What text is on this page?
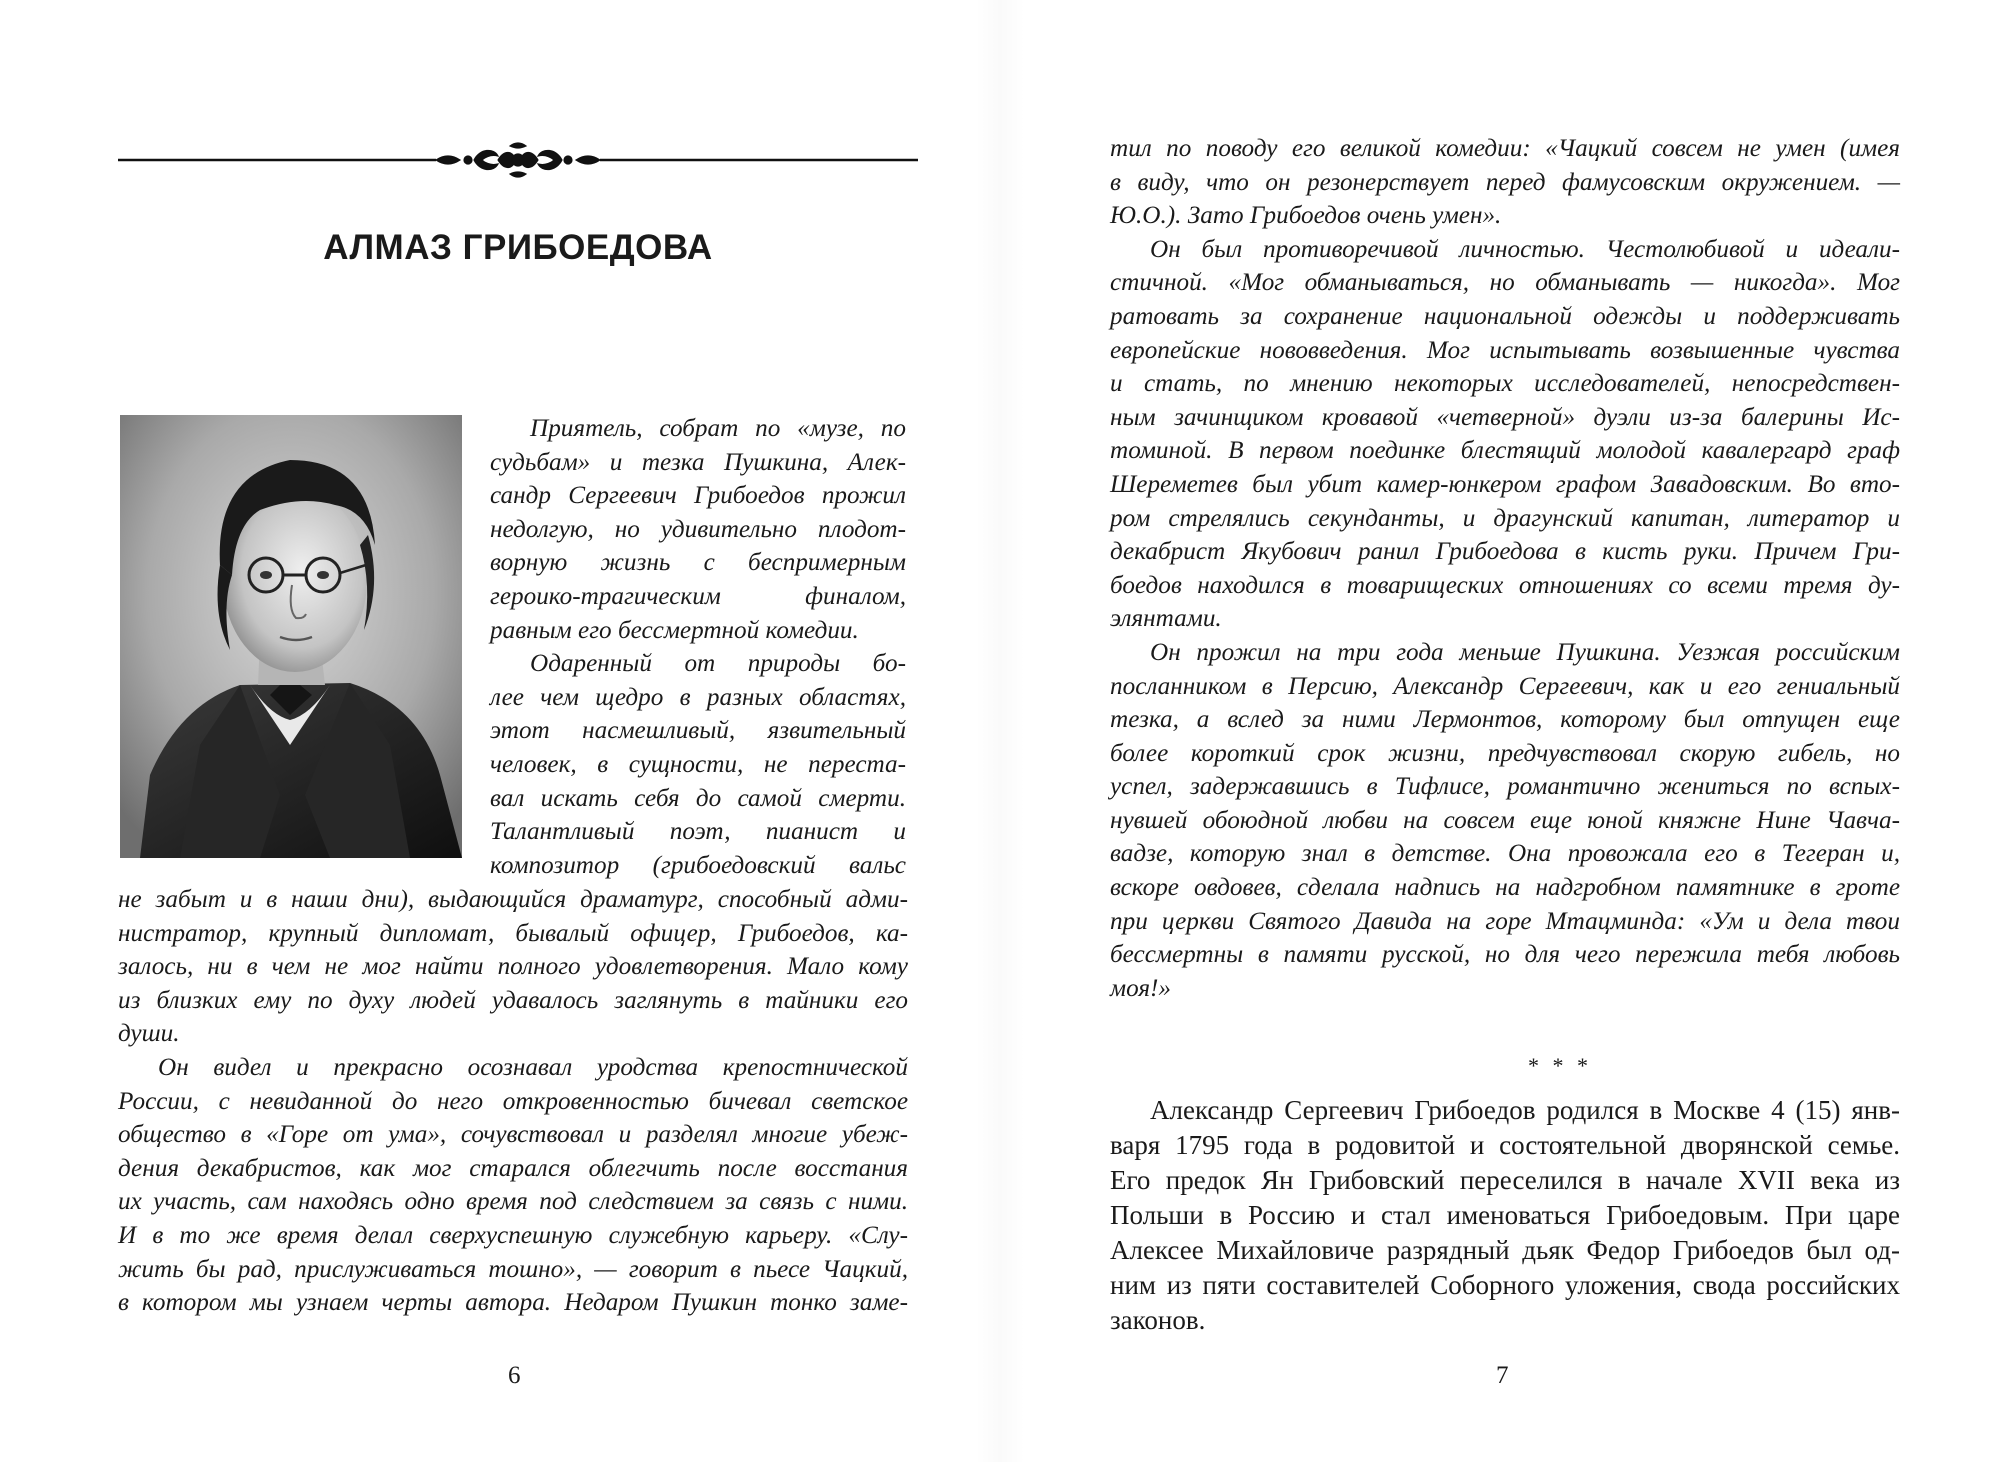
АЛМАЗ ГРИБОЕДОВА
Приятель, собрат по «музе, по
судьбам» и тезка Пушкина, Алек-
сандр Сергеевич Грибоедов прожил
недолгую, но удивительно плодот-
ворную жизнь с беспримерным
героико-трагическим финалом,
равным его бессмертной комедии.
Одаренный от природы бо-
лее чем щедро в разных областях,
этот насмешливый, язвительный
человек, в сущности, не переста-
вал искать себя до самой смерти.
Талантливый поэт, пианист и
композитор (грибоедовский вальс
не забыт и в наши дни), выдающийся драматург, способный адми-
нистратор, крупный дипломат, бывалый офицер, Грибоедов, ка-
залось, ни в чем не мог найти полного удовлетворения. Мало кому
из близких ему по духу людей удавалось заглянуть в тайники его
души.
Он видел и прекрасно осознавал уродства крепостнической
России, с невиданной до него откровенностью бичевал светское
общество в «Горе от ума», сочувствовал и разделял многие убеж-
дения декабристов, как мог старался облегчить после восстания
их участь, сам находясь одно время под следствием за связь с ними.
И в то же время делал сверхуспешную служебную карьеру. «Слу-
жить бы рад, прислуживаться тошно», — говорит в пьесе Чацкий,
в котором мы узнаем черты автора. Недаром Пушкин тонко заме-

6

тил по поводу его великой комедии: «Чацкий совсем не умен (имея
в виду, что он резонерствует перед фамусовским окружением. —
Ю.О.). Зато Грибоедов очень умен».
Он был противоречивой личностью. Честолюбивой и идеали-
стичной. «Мог обманываться, но обманывать — никогда». Мог
ратовать за сохранение национальной одежды и поддерживать
европейские нововведения. Мог испытывать возвышенные чувства
и стать, по мнению некоторых исследователей, непосредствен-
ным зачинщиком кровавой «четверной» дуэли из-за балерины Ис-
томиной. В первом поединке блестящий молодой кавалергард граф
Шереметев был убит камер-юнкером графом Завадовским. Во вто-
ром стрелялись секунданты, и драгунский капитан, литератор и
декабрист Якубович ранил Грибоедова в кисть руки. Причем Гри-
боедов находился в товарищеских отношениях со всеми тремя ду-
элянтами.
Он прожил на три года меньше Пушкина. Уезжая российским
посланником в Персию, Александр Сергеевич, как и его гениальный
тезка, а вслед за ними Лермонтов, которому был отпущен еще
более короткий срок жизни, предчувствовал скорую гибель, но
успел, задержавшись в Тифлисе, романтично жениться по вспых-
нувшей обоюдной любви на совсем еще юной княжне Нине Чавча-
вадзе, которую знал в детстве. Она провожала его в Тегеран и,
вскоре овдовев, сделала надпись на надгробном памятнике в гроте
при церкви Святого Давида на горе Мтацминда: «Ум и дела твои
бессмертны в памяти русской, но для чего пережила тебя любовь
моя!»
Александр Сергеевич Грибоедов родился в Москве 4 (15) янв-
варя 1795 года в родовитой и состоятельной дворянской семье.
Его предок Ян Грибовский переселился в начале XVII века из
Польши в Россию и стал именоваться Грибоедовым. При царе
Алексее Михайловиче разрядный дьяк Федор Грибоедов был од-
ним из пяти составителей Соборного уложения, свода российских
законов.

7

* * *
